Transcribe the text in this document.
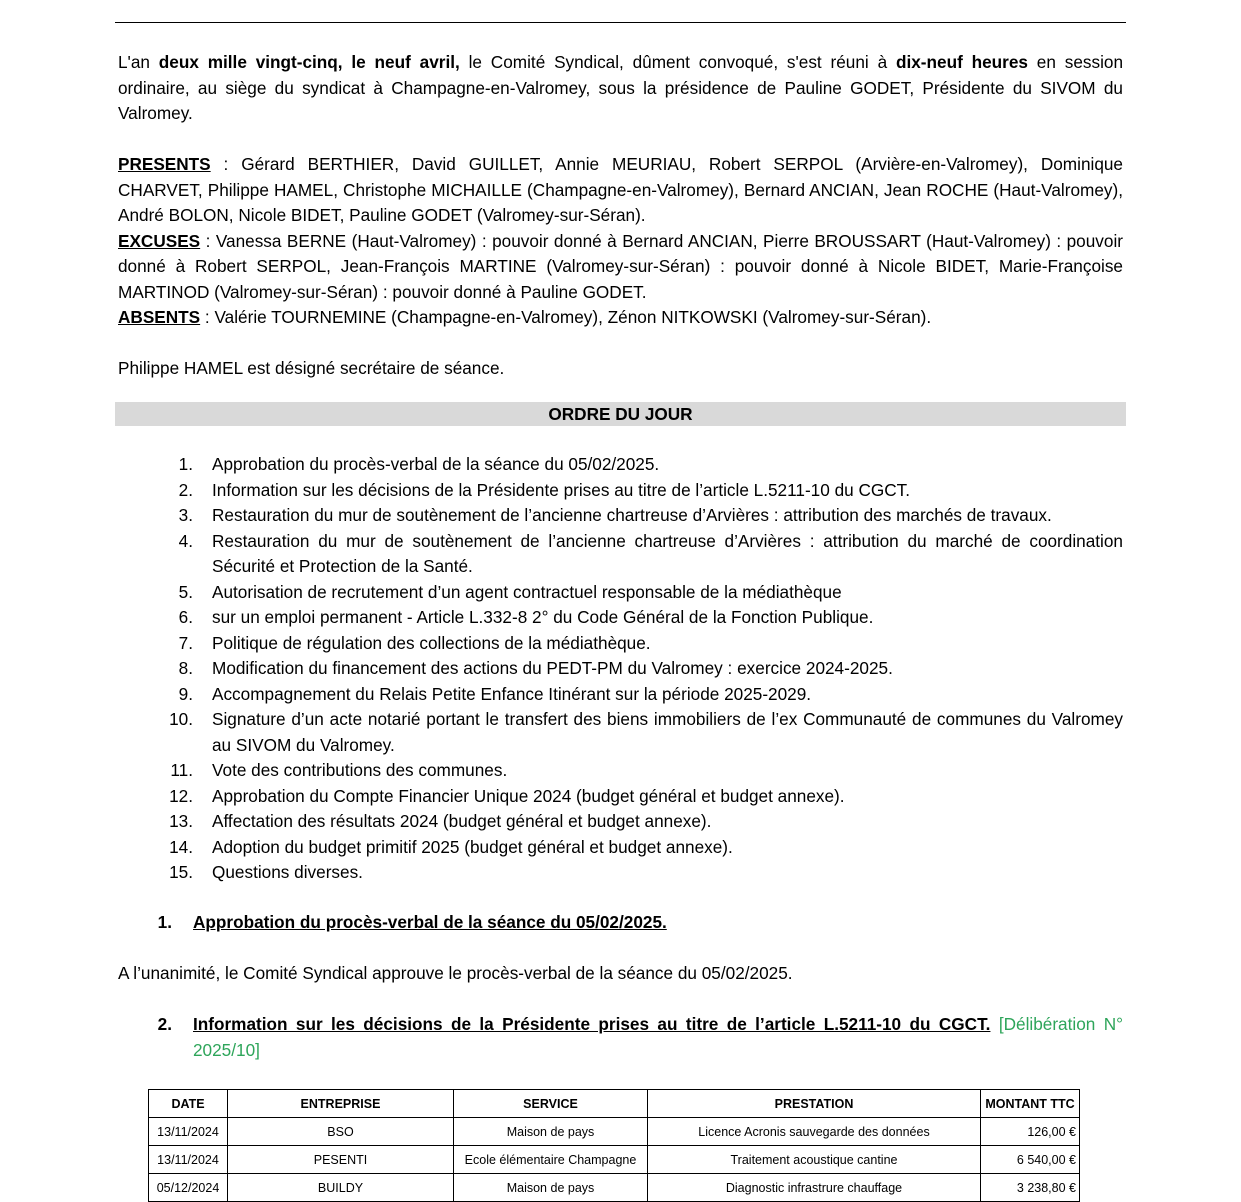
L'an deux mille vingt-cinq, le neuf avril, le Comité Syndical, dûment convoqué, s'est réuni à dix-neuf heures en session ordinaire, au siège du syndicat à Champagne-en-Valromey, sous la présidence de Pauline GODET, Présidente du SIVOM du Valromey.

PRESENTS : Gérard BERTHIER, David GUILLET, Annie MEURIAU, Robert SERPOL (Arvière-en-Valromey), Dominique CHARVET, Philippe HAMEL, Christophe MICHAILLE (Champagne-en-Valromey), Bernard ANCIAN, Jean ROCHE (Haut-Valromey), André BOLON, Nicole BIDET, Pauline GODET (Valromey-sur-Séran).

EXCUSES : Vanessa BERNE (Haut-Valromey) : pouvoir donné à Bernard ANCIAN, Pierre BROUSSART (Haut-Valromey) : pouvoir donné à Robert SERPOL, Jean-François MARTINE (Valromey-sur-Séran) : pouvoir donné à Nicole BIDET, Marie-Françoise MARTINOD (Valromey-sur-Séran) : pouvoir donné à Pauline GODET.

ABSENTS : Valérie TOURNEMINE (Champagne-en-Valromey), Zénon NITKOWSKI (Valromey-sur-Séran).

Philippe HAMEL est désigné secrétaire de séance.

ORDRE DU JOUR
1.	Approbation du procès-verbal de la séance du 05/02/2025.
2.	Information sur les décisions de la Présidente prises au titre de l’article L.5211-10 du CGCT.
3.	Restauration du mur de soutènement de l’ancienne chartreuse d’Arvières : attribution des marchés de travaux.
4.	Restauration du mur de soutènement de l’ancienne chartreuse d’Arvières : attribution du marché de coordination Sécurité et Protection de la Santé.
5.	Autorisation de recrutement d’un agent contractuel responsable de la médiathèque
6.	sur un emploi permanent - Article L.332-8 2° du Code Général de la Fonction Publique.
7.	Politique de régulation des collections de la médiathèque.
8.	Modification du financement des actions du PEDT-PM du Valromey : exercice 2024-2025.
9.	Accompagnement du Relais Petite Enfance Itinérant sur la période 2025-2029.
10.	Signature d’un acte notarié portant le transfert des biens immobiliers de l’ex Communauté de communes du Valromey au SIVOM du Valromey.
11.	Vote des contributions des communes.
12.	Approbation du Compte Financier Unique 2024 (budget général et budget annexe).
13.	Affectation des résultats 2024 (budget général et budget annexe).
14.	Adoption du budget primitif 2025 (budget général et budget annexe).
15.	Questions diverses.
1.	Approbation du procès-verbal de la séance du 05/02/2025.
A l’unanimité, le Comité Syndical approuve le procès-verbal de la séance du 05/02/2025.
2.	Information sur les décisions de la Présidente prises au titre de l’article L.5211-10 du CGCT. [Délibération N° 2025/10]
DATE	ENTREPRISE	SERVICE	PRESTATION	MONTANT TTC
13/11/2024	BSO	Maison de pays	Licence Acronis sauvegarde des données	126,00 €
13/11/2024	PESENTI	Ecole élémentaire Champagne	Traitement acoustique cantine	6 540,00 €
05/12/2024	BUILDY	Maison de pays	Diagnostic infrastrure chauffage	3 238,80 €
